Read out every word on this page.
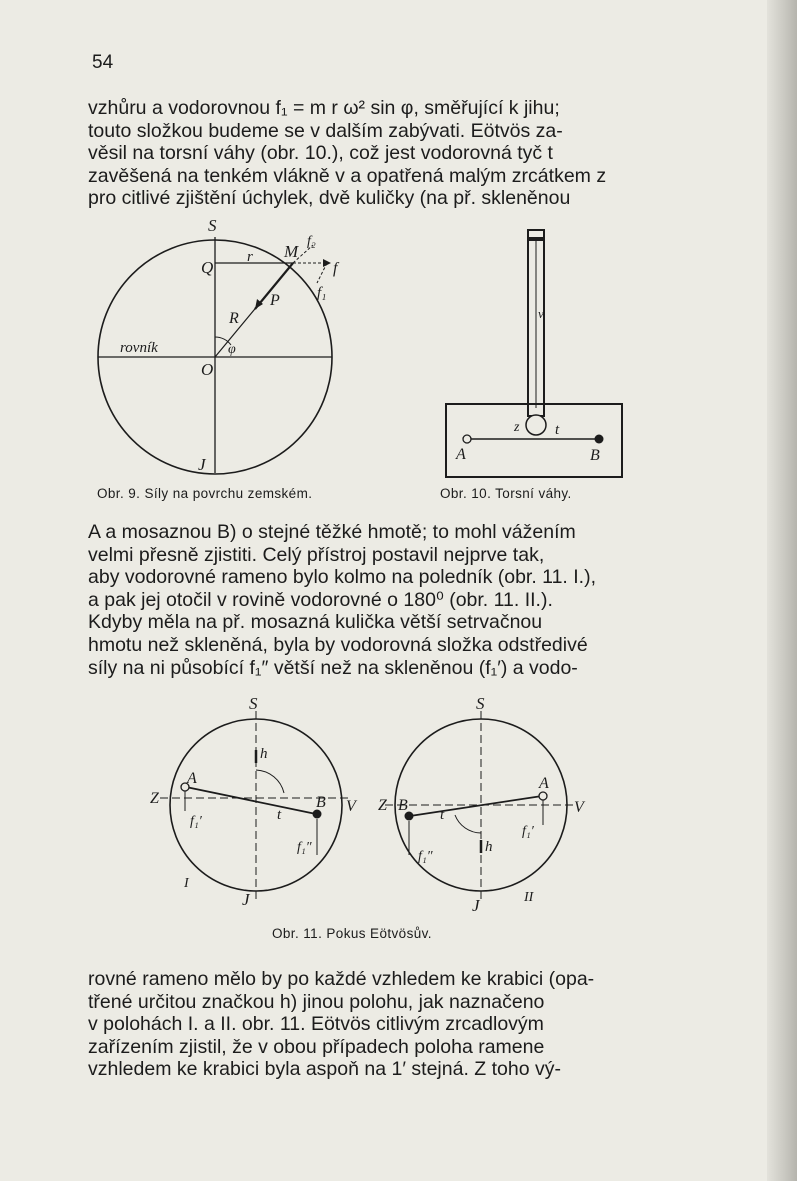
54

vzhůru a vodorovnou f₁ = m r ω² sin φ, směřující k jihu;
touto složkou budeme se v dalším zabývati. Eötvös za-
věsil na torsní váhy (obr. 10.), což jest vodorovná tyč t
zavěšená na tenkém vlákně v a opatřená malým zrcátkem z
pro citlivé zjištění úchylek, dvě kuličky (na př. skleněnou

S
J
Q
O
r M
f₂
f
f₁
P
R
φ
rovník
v
z t
A	B
Obr. 9. Síly na povrchu zemském.	Obr. 10. Torsní váhy.

A a mosaznou B) o stejné těžké hmotě; to mohl vážením
velmi přesně zjistiti. Celý přístroj postavil nejprve tak,
aby vodorovné rameno bylo kolmo na poledník (obr. 11. I.),
a pak jej otočil v rovině vodorovné o 180⁰ (obr. 11. II.).
Kdyby měla na př. mosazná kulička větší setrvačnou
hmotu než skleněná, byla by vodorovná složka odstředivé
síly na ni působící f₁″ větší než na skleněnou (f₁′) a vodo-

S
J
Z	V
A
B
h
t
f₁′
f₁″
I
S
J
Z	V
A
B
h
t
f₁′
f₁″
II
Obr. 11. Pokus Eötvösův.

rovné rameno mělo by po každé vzhledem ke krabici (opa-
třené určitou značkou h) jinou polohu, jak naznačeno
v polohách I. a II. obr. 11. Eötvös citlivým zrcadlovým
zařízením zjistil, že v obou případech poloha ramene
vzhledem ke krabici byla aspoň na 1′ stejná. Z toho vý-
